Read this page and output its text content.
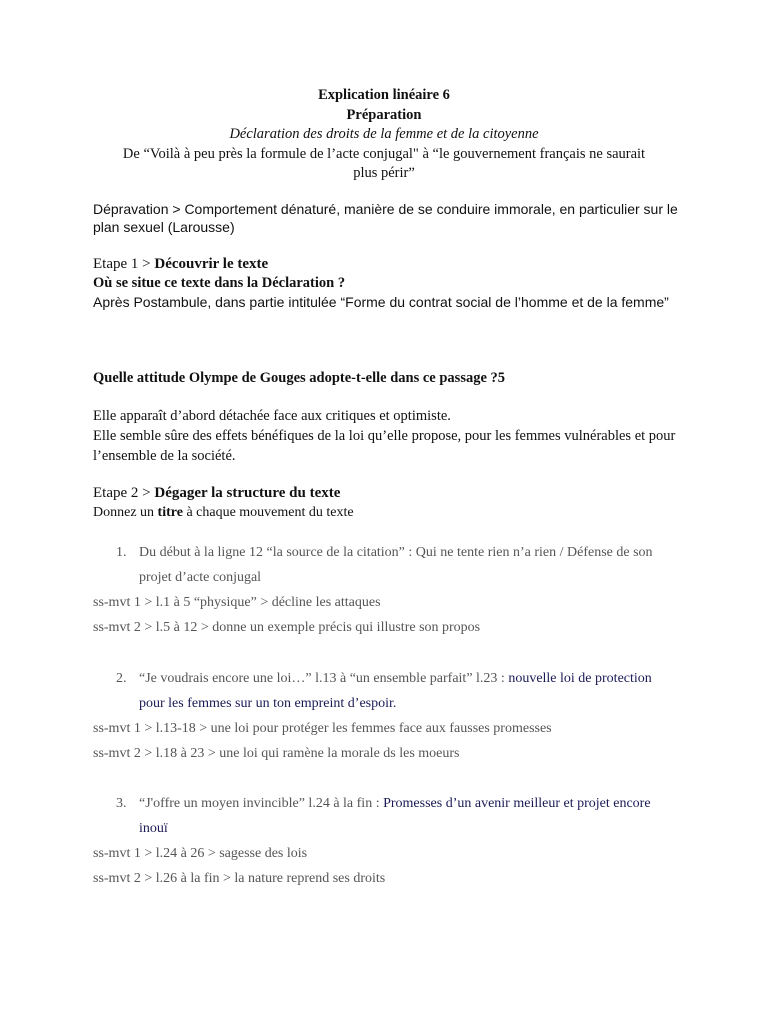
Explication linéaire 6
Préparation
Déclaration des droits de la femme et de la citoyenne
De “Voilà à peu près la formule de l’acte conjugal" à “le gouvernement français ne saurait
plus périr”
Dépravation > Comportement dénaturé, manière de se conduire immorale, en particulier sur le plan sexuel (Larousse)
Etape 1 > Découvrir le texte
Où se situe ce texte dans la Déclaration ?
Après Postambule, dans partie intitulée “Forme du contrat social de l’homme et de la femme”
Quelle attitude Olympe de Gouges adopte-t-elle dans ce passage ?5
Elle apparaît d’abord détachée face aux critiques et optimiste.
Elle semble sûre des effets bénéfiques de la loi qu’elle propose, pour les femmes vulnérables et pour l’ensemble de la société.
Etape 2 > Dégager la structure du texte
Donnez un titre à chaque mouvement du texte
1. Du début à la ligne 12 “la source de la citation” : Qui ne tente rien n’a rien / Défense de son projet d’acte conjugal
ss-mvt 1 > l.1 à 5 “physique” > décline les attaques
ss-mvt 2 > l.5 à 12 > donne un exemple précis qui illustre son propos
2. “Je voudrais encore une loi…” l.13 à “un ensemble parfait” l.23 : nouvelle loi de protection pour les femmes sur un ton empreint d’espoir.
ss-mvt 1 > l.13-18 > une loi pour protéger les femmes face aux fausses promesses
ss-mvt 2 > l.18 à 23 > une loi qui ramène la morale ds les moeurs
3. “J'offre un moyen invincible” l.24 à la fin : Promesses d’un avenir meilleur et projet encore inouï
ss-mvt 1 > l.24 à 26 > sagesse des lois
ss-mvt 2 > l.26 à la fin > la nature reprend ses droits
